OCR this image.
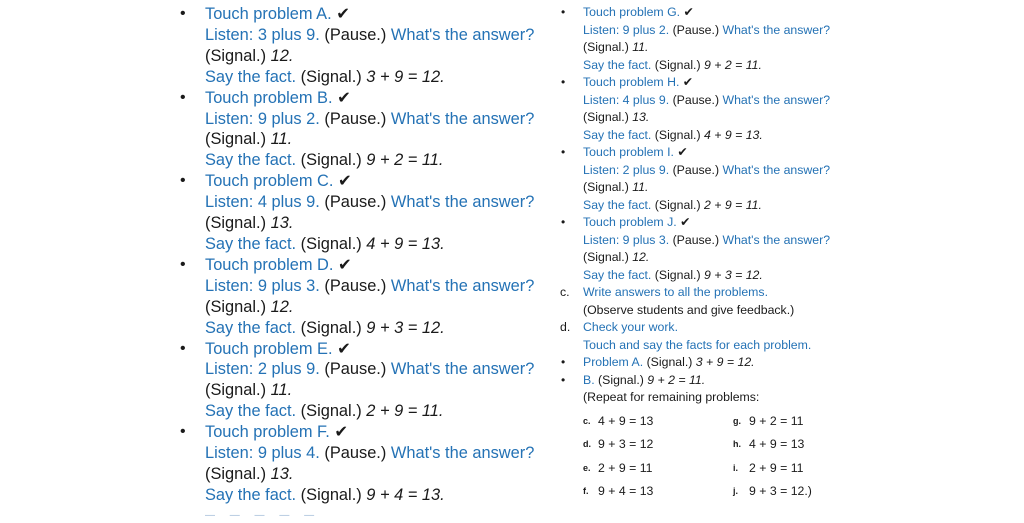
• Touch problem A. ✔
Listen: 3 plus 9. (Pause.) What's the answer?
(Signal.) 12.
Say the fact. (Signal.) 3 + 9 = 12.
• Touch problem B. ✔
Listen: 9 plus 2. (Pause.) What's the answer?
(Signal.) 11.
Say the fact. (Signal.) 9 + 2 = 11.
• Touch problem C. ✔
Listen: 4 plus 9. (Pause.) What's the answer?
(Signal.) 13.
Say the fact. (Signal.) 4 + 9 = 13.
• Touch problem D. ✔
Listen: 9 plus 3. (Pause.) What's the answer?
(Signal.) 12.
Say the fact. (Signal.) 9 + 3 = 12.
• Touch problem E. ✔
Listen: 2 plus 9. (Pause.) What's the answer?
(Signal.) 11.
Say the fact. (Signal.) 2 + 9 = 11.
• Touch problem F. ✔
Listen: 9 plus 4. (Pause.) What's the answer?
(Signal.) 13.
Say the fact. (Signal.) 9 + 4 = 13.
• Touch problem G. ✔
Listen: 9 plus 2. (Pause.) What's the answer?
(Signal.) 11.
Say the fact. (Signal.) 9 + 2 = 11.
• Touch problem H. ✔
Listen: 4 plus 9. (Pause.) What's the answer?
(Signal.) 13.
Say the fact. (Signal.) 4 + 9 = 13.
• Touch problem I. ✔
Listen: 2 plus 9. (Pause.) What's the answer?
(Signal.) 11.
Say the fact. (Signal.) 2 + 9 = 11.
• Touch problem J. ✔
Listen: 9 plus 3. (Pause.) What's the answer?
(Signal.) 12.
Say the fact. (Signal.) 9 + 3 = 12.
c. Write answers to all the problems.
(Observe students and give feedback.)
d. Check your work.
Touch and say the facts for each problem.
• Problem A. (Signal.) 3 + 9 = 12.
• B. (Signal.) 9 + 2 = 11.
(Repeat for remaining problems:
c. 4 + 9 = 13	g. 9 + 2 = 11
d. 9 + 3 = 12	h. 4 + 9 = 13
e. 2 + 9 = 11	i. 2 + 9 = 11
f. 9 + 4 = 13	j. 9 + 3 = 12.)
— — — — —
